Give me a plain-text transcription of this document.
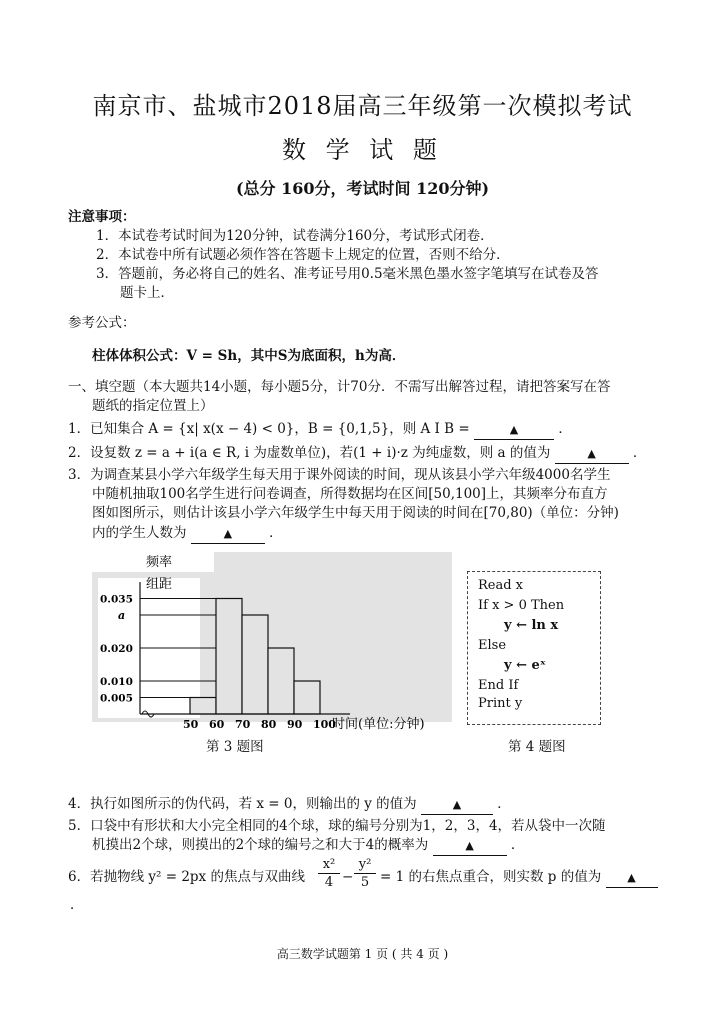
南京市、盐城市2018届高三年级第一次模拟考试
数 学 试 题
(总分 160分，考试时间 120分钟)
注意事项：
1．本试卷考试时间为120分钟，试卷满分160分，考试形式闭卷．
2．本试卷中所有试题必须作答在答题卡上规定的位置，否则不给分．
3．答题前，务必将自己的姓名、准考证号用0.5毫米黑色墨水签字笔填写在试卷及答
题卡上．
参考公式：
柱体体积公式：V = Sh，其中S为底面积，h为高．
一、填空题（本大题共14小题，每小题5分，计70分．不需写出解答过程，请把答案写在答
题纸的指定位置上）
1．已知集合 A = {x| x(x − 4) < 0}，B = {0,1,5}，则 A I B =	▲	．
2．设复数 z = a + i(a ∈ R, i 为虚数单位)，若(1 + i)·z 为纯虚数，则 a 的值为	▲	．
3．为调查某县小学六年级学生每天用于课外阅读的时间，现从该县小学六年级4000名学生
中随机抽取100名学生进行问卷调查，所得数据均在区间[50,100]上，其频率分布直方
图如图所示，则估计该县小学六年级学生中每天用于阅读的时间在[70,80)（单位：分钟)
内的学生人数为	▲	．
频率
组距
0.035
a
0.020
0.010
0.005
50 60 70 80 90 100
时间(单位:分钟)
第 3 题图
Read x
If x > 0 Then
y ← ln x
Else
y ← eˣ
End If
Print y
第 4 题图
4．执行如图所示的伪代码，若 x = 0，则输出的 y 的值为	▲	．
5．口袋中有形状和大小完全相同的4个球，球的编号分别为1，2，3，4，若从袋中一次随
机摸出2个球，则摸出的2个球的编号之和大于4的概率为	▲	．
6．若抛物线 y² = 2px 的焦点与双曲线 $\frac{\text{x²}}{4} - \frac{\text{y²}}{5} = 1$ 的右焦点重合，则实数 p 的值为 ▲
．
高三数学试题第 1 页 ( 共 4 页 )
